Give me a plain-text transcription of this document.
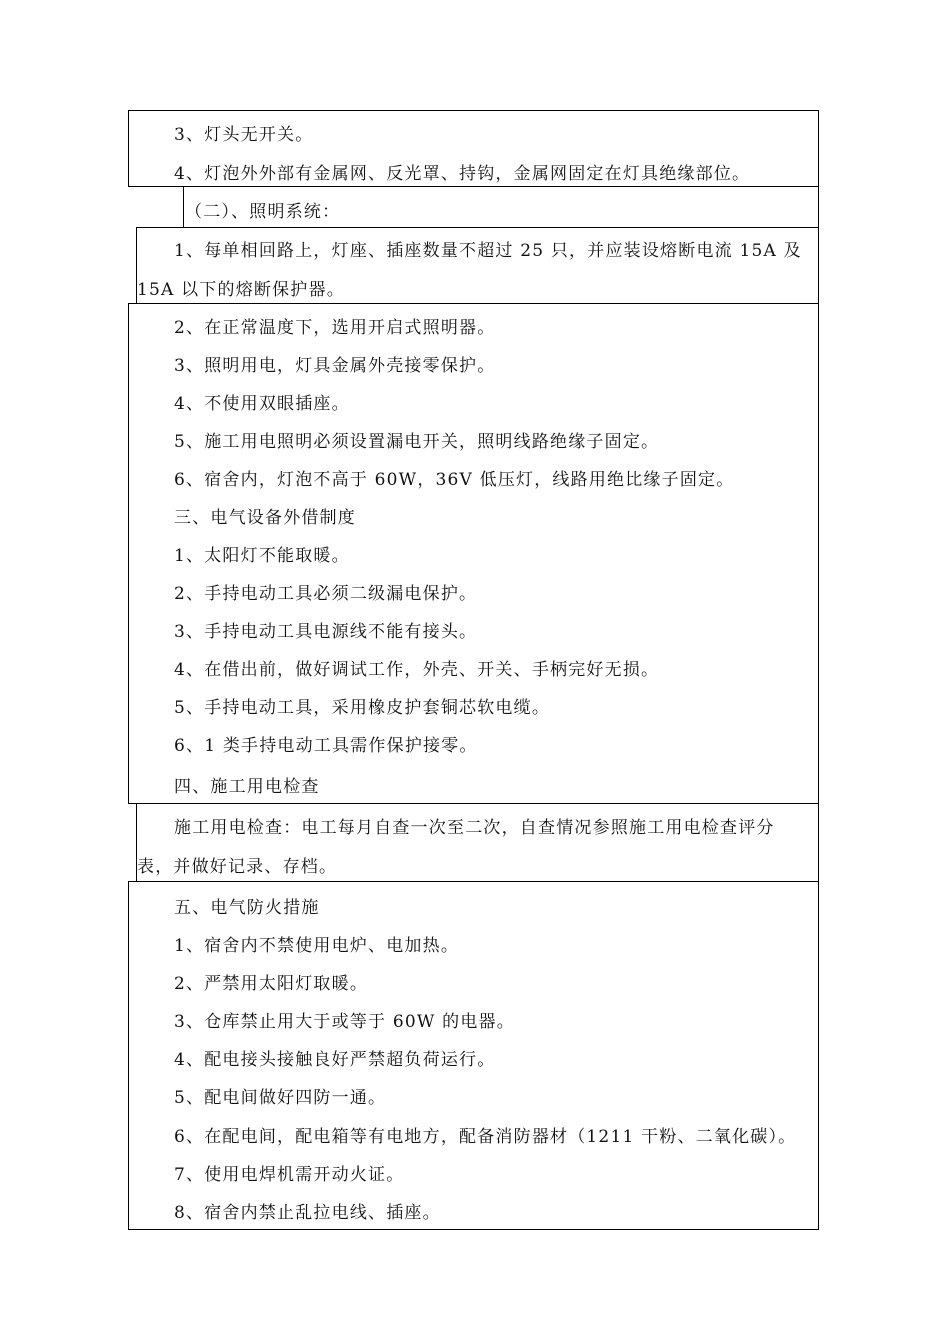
3、灯头无开关。
4、灯泡外外部有金属网、反光罩、持钩，金属网固定在灯具绝缘部位。
（二）、照明系统：
1、每单相回路上，灯座、插座数量不超过 25 只，并应装设熔断电流 15A 及
15A 以下的熔断保护器。
2、在正常温度下，选用开启式照明器。
3、照明用电，灯具金属外壳接零保护。
4、不使用双眼插座。
5、施工用电照明必须设置漏电开关，照明线路绝缘子固定。
6、宿舍内，灯泡不高于 60W，36V 低压灯，线路用绝比缘子固定。
三、电气设备外借制度
1、太阳灯不能取暖。
2、手持电动工具必须二级漏电保护。
3、手持电动工具电源线不能有接头。
4、在借出前，做好调试工作，外壳、开关、手柄完好无损。
5、手持电动工具，采用橡皮护套铜芯软电缆。
6、1 类手持电动工具需作保护接零。
四、施工用电检查
施工用电检查：电工每月自查一次至二次，自查情况参照施工用电检查评分
表，并做好记录、存档。
五、电气防火措施
1、宿舍内不禁使用电炉、电加热。
2、严禁用太阳灯取暖。
3、仓库禁止用大于或等于 60W 的电器。
4、配电接头接触良好严禁超负荷运行。
5、配电间做好四防一通。
6、在配电间，配电箱等有电地方，配备消防器材（1211 干粉、二氧化碳）。
7、使用电焊机需开动火证。
8、宿舍内禁止乱拉电线、插座。
